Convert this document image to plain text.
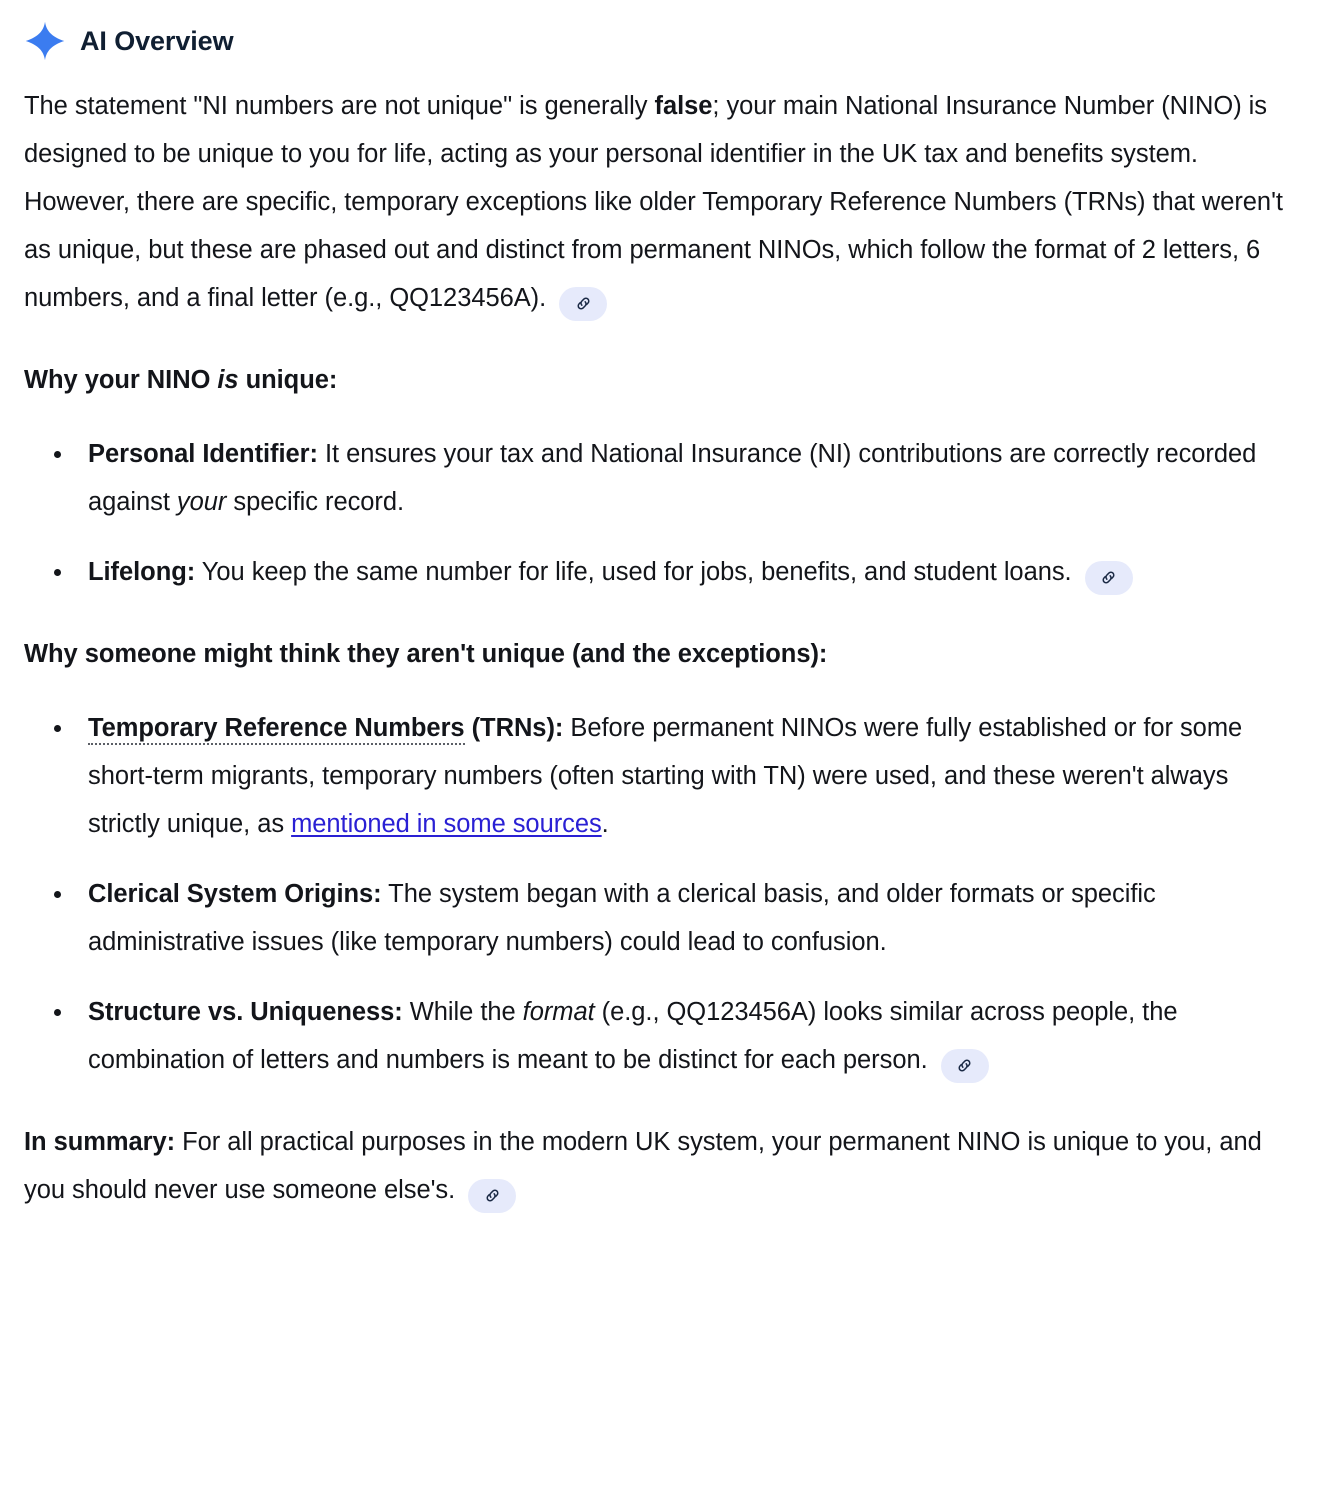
AI Overview

The statement "NI numbers are not unique" is generally false; your main National Insurance Number (NINO) is designed to be unique to you for life, acting as your personal identifier in the UK tax and benefits system. However, there are specific, temporary exceptions like older Temporary Reference Numbers (TRNs) that weren't as unique, but these are phased out and distinct from permanent NINOs, which follow the format of 2 letters, 6 numbers, and a final letter (e.g., QQ123456A).

Why your NINO is unique:
Personal Identifier: It ensures your tax and National Insurance (NI) contributions are correctly recorded against your specific record.
Lifelong: You keep the same number for life, used for jobs, benefits, and student loans.
Why someone might think they aren't unique (and the exceptions):
Temporary Reference Numbers (TRNs): Before permanent NINOs were fully established or for some short-term migrants, temporary numbers (often starting with TN) were used, and these weren't always strictly unique, as mentioned in some sources.
Clerical System Origins: The system began with a clerical basis, and older formats or specific administrative issues (like temporary numbers) could lead to confusion.
Structure vs. Uniqueness: While the format (e.g., QQ123456A) looks similar across people, the combination of letters and numbers is meant to be distinct for each person.

In summary: For all practical purposes in the modern UK system, your permanent NINO is unique to you, and you should never use someone else's.
